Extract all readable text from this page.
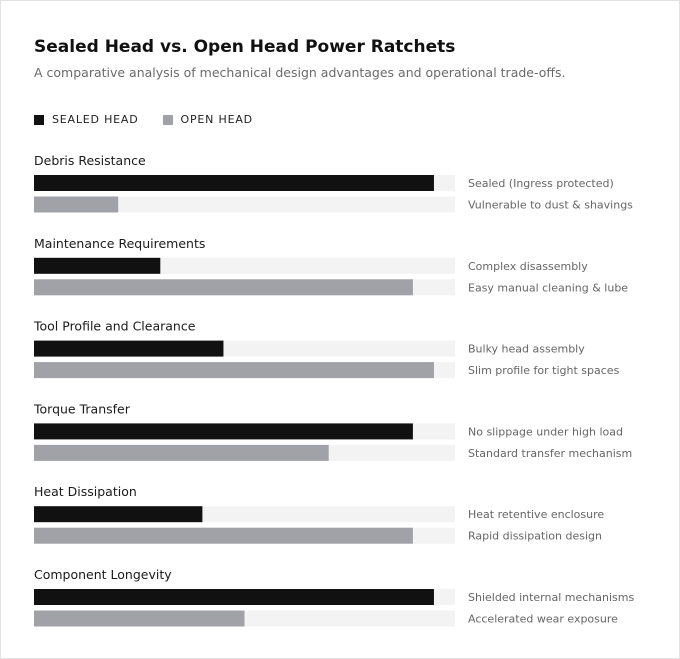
Sealed Head vs. Open Head Power Ratchets
A comparative analysis of mechanical design advantages and operational trade-offs.
SEALED HEAD	OPEN HEAD
Debris Resistance
Sealed (Ingress protected)
Vulnerable to dust & shavings
Maintenance Requirements
Complex disassembly
Easy manual cleaning & lube
Tool Profile and Clearance
Bulky head assembly
Slim profile for tight spaces
Torque Transfer
No slippage under high load
Standard transfer mechanism
Heat Dissipation
Heat retentive enclosure
Rapid dissipation design
Component Longevity
Shielded internal mechanisms
Accelerated wear exposure
